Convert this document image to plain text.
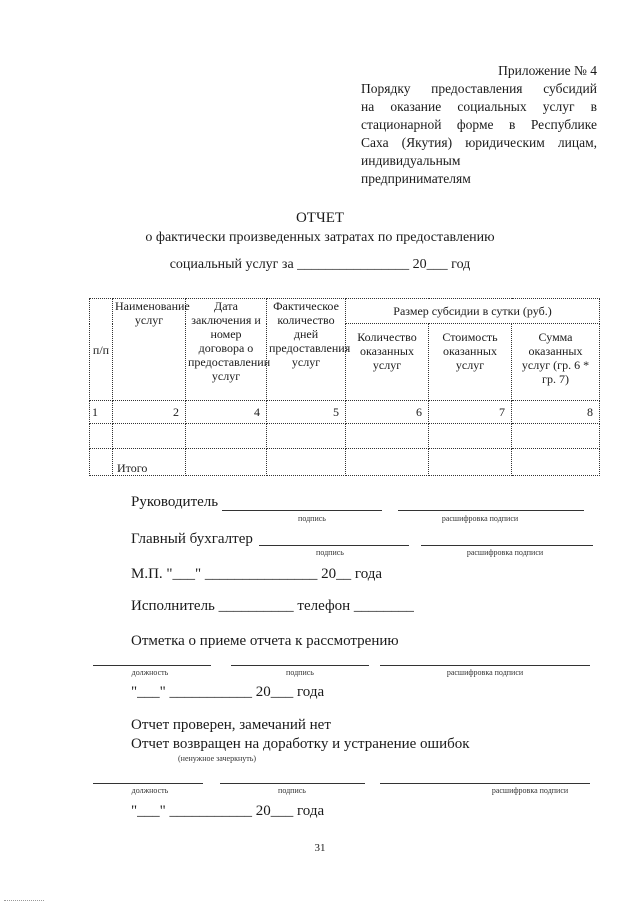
Приложение № 4
Порядку предоставления субсидий
на оказание социальных услуг в
стационарной форме в Республике
Саха (Якутия) юридическим лицам,
индивидуальным
предпринимателям
ОТЧЕТ
о фактически произведенных затратах по предоставлению
социальный услуг за ________________ 20___ год
п/п	Наименование услуг	Дата заключения и номер договора о предоставлении услуг	Фактическое количество дней предоставления услуг	Размер субсидии в сутки (руб.)		
				Количество оказанных услуг	Стоимость оказанных услуг	Сумма оказанных услуг (гр. 6 * гр. 7)
1	2	4	5	6	7	8

	Итого					
Руководитель
подпись	расшифровка подписи
Главный бухгалтер
подпись	расшифровка подписи
М.П. "___" _______________ 20__ года
Исполнитель __________ телефон ________
Отметка о приеме отчета к рассмотрению
должность	подпись	расшифровка подписи
"___" ___________ 20___ года
Отчет проверен, замечаний нет
Отчет возвращен на доработку и устранение ошибок
(ненужное зачеркнуть)
должность	подпись	расшифровка подписи
"___" ___________ 20___ года
31
